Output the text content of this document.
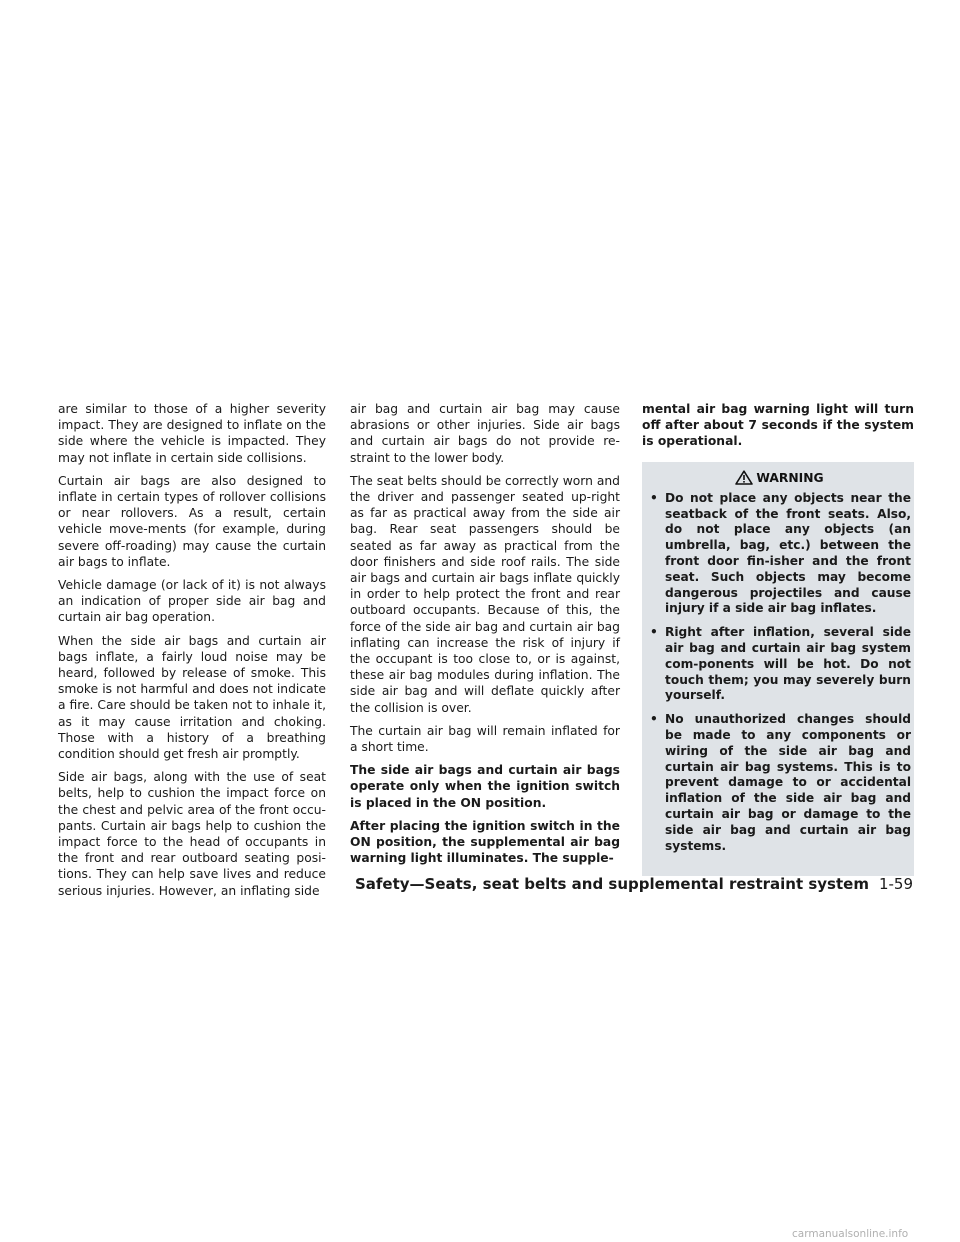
are similar to those of a higher severity impact. They are designed to inflate on the side where the vehicle is impacted. They may not inflate in certain side collisions.

Curtain air bags are also designed to inflate in certain types of rollover collisions or near rollovers. As a result, certain vehicle move-ments (for example, during severe off-roading) may cause the curtain air bags to inflate.

Vehicle damage (or lack of it) is not always an indication of proper side air bag and curtain air bag operation.

When the side air bags and curtain air bags inflate, a fairly loud noise may be heard, followed by release of smoke. This smoke is not harmful and does not indicate a fire. Care should be taken not to inhale it, as it may cause irritation and choking. Those with a history of a breathing condition should get fresh air promptly.

Side air bags, along with the use of seat belts, help to cushion the impact force on the chest and pelvic area of the front occu-pants. Curtain air bags help to cushion the impact force to the head of occupants in the front and rear outboard seating posi-tions. They can help save lives and reduce serious injuries. However, an inflating side

air bag and curtain air bag may cause abrasions or other injuries. Side air bags and curtain air bags do not provide re-straint to the lower body.

The seat belts should be correctly worn and the driver and passenger seated up-right as far as practical away from the side air bag. Rear seat passengers should be seated as far away as practical from the door finishers and side roof rails. The side air bags and curtain air bags inflate quickly in order to help protect the front and rear outboard occupants. Because of this, the force of the side air bag and curtain air bag inflating can increase the risk of injury if the occupant is too close to, or is against, these air bag modules during inflation. The side air bag and will deflate quickly after the collision is over.

The curtain air bag will remain inflated for a short time.

The side air bags and curtain air bags operate only when the ignition switch is placed in the ON position.

After placing the ignition switch in the ON position, the supplemental air bag warning light illuminates. The supple-

mental air bag warning light will turn off after about 7 seconds if the system is operational.

WARNING
• Do not place any objects near the seatback of the front seats. Also, do not place any objects (an umbrella, bag, etc.) between the front door fin-isher and the front seat. Such objects may become dangerous projectiles and cause injury if a side air bag inflates.
• Right after inflation, several side air bag and curtain air bag system com-ponents will be hot. Do not touch them; you may severely burn yourself.
• No unauthorized changes should be made to any components or wiring of the side air bag and curtain air bag systems. This is to prevent damage to or accidental inflation of the side air bag and curtain air bag or damage to the side air bag and curtain air bag systems.
Safety—Seats, seat belts and supplemental restraint system 1-59
carmanualsonline.info
